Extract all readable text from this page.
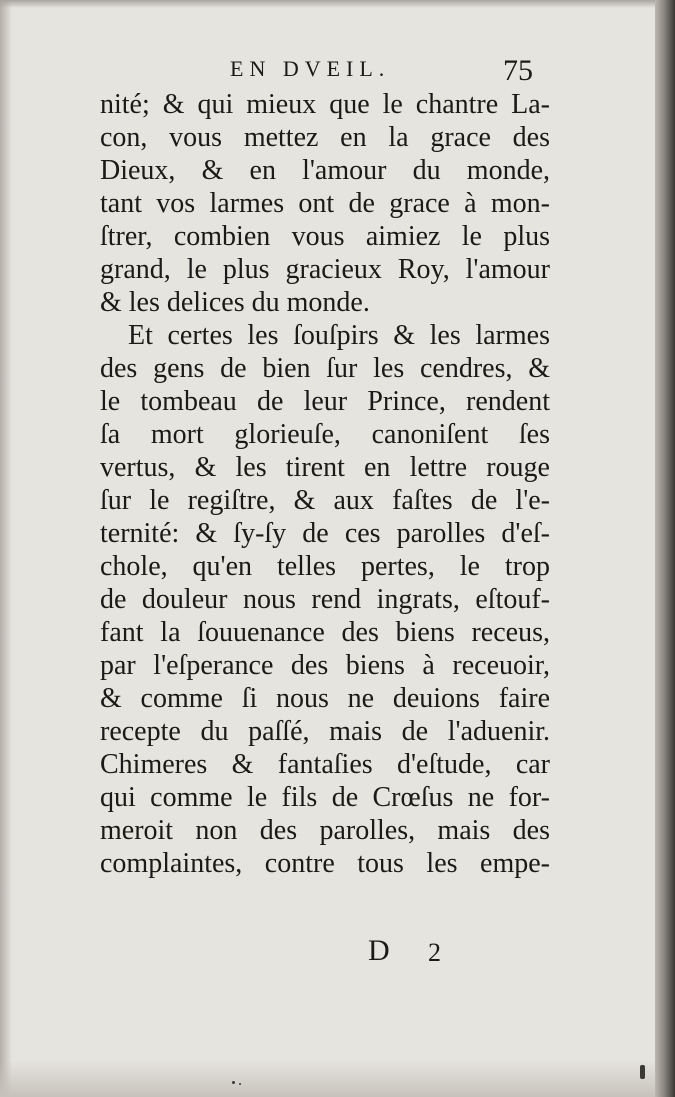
EN DVEIL.	75
nité; & qui mieux que le chantre La-
con, vous mettez en la grace des
Dieux, & en l'amour du monde,
tant vos larmes ont de grace à mon-
ſtrer, combien vous aimiez le plus
grand, le plus gracieux Roy, l'amour
& les delices du monde.
Et certes les ſouſpirs & les larmes
des gens de bien ſur les cendres, &
le tombeau de leur Prince, rendent
ſa mort glorieuſe, canoniſent ſes
vertus, & les tirent en lettre rouge
ſur le regiſtre, & aux faſtes de l'e-
ternité: & ſy-ſy de ces parolles d'eſ-
chole, qu'en telles pertes, le trop
de douleur nous rend ingrats, eſtouf-
fant la ſouuenance des biens receus,
par l'eſperance des biens à receuoir,
& comme ſi nous ne deuions faire
recepte du paſſé, mais de l'aduenir.
Chimeres & fantaſies d'eſtude, car
qui comme le fils de Crœſus ne for-
meroit non des parolles, mais des
complaintes, contre tous les empe-
D 2
